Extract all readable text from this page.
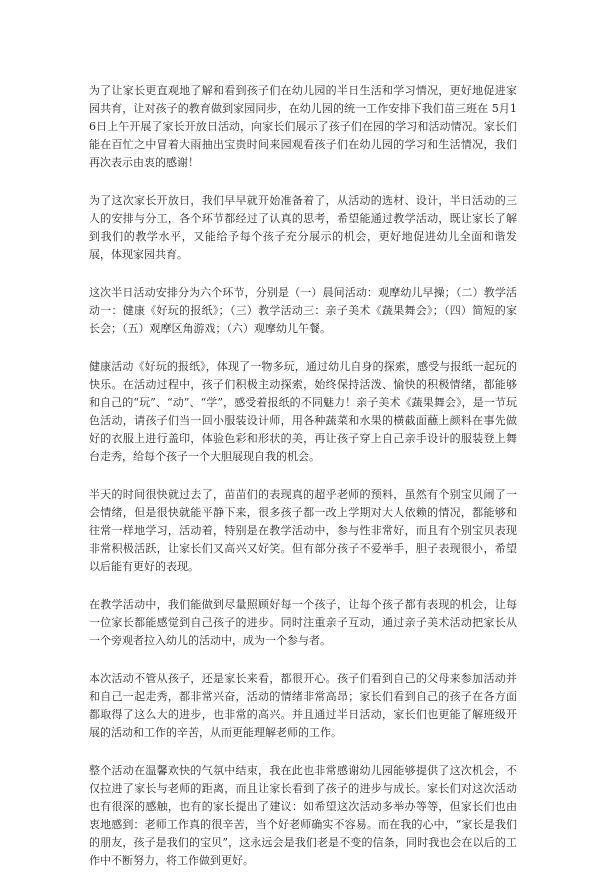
为了让家长更直观地了解和看到孩子们在幼儿园的半日生活和学习情况，更好地促进家园共育，让对孩子的教育做到家园同步，在幼儿园的统一工作安排下我们苗三班在 5月16日上午开展了家长开放日活动，向家长们展示了孩子们在园的学习和活动情况。家长们能在百忙之中冒着大雨抽出宝贵时间来园观看孩子们在幼儿园的学习和生活情况，我们再次表示由衷的感谢！

为了这次家长开放日，我们早早就开始准备着了，从活动的选材、设计，半日活动的三人的安排与分工，各个环节都经过了认真的思考，希望能通过教学活动，既让家长了解到我们的教学水平，又能给予每个孩子充分展示的机会，更好地促进幼儿全面和谐发展，体现家园共育。

这次半日活动安排分为六个环节，分别是（一）晨间活动：观摩幼儿早操；（二）教学活动一：健康《好玩的报纸》；（三）教学活动三：亲子美术《蔬果舞会》；（四）简短的家长会；（五）观摩区角游戏；（六）观摩幼儿午餐。

健康活动《好玩的报纸》，体现了一物多玩，通过幼儿自身的探索，感受与报纸一起玩的快乐。在活动过程中，孩子们积极主动探索，始终保持活泼、愉快的积极情绪，都能够和自己的“玩”、“动”、“学”，感受着报纸的不同魅力！亲子美术《蔬果舞会》，是一节玩色活动，请孩子们当一回小服装设计师，用各种蔬菜和水果的横截面蘸上颜料在事先做好的衣服上进行盖印，体验色彩和形状的美，再让孩子穿上自己亲手设计的服装登上舞台走秀，给每个孩子一个大胆展现自我的机会。

半天的时间很快就过去了，苗苗们的表现真的超乎老师的预料，虽然有个别宝贝闹了一会情绪，但是很快就能平静下来，很多孩子都一改上学期对大人依赖的情况，都能够和往常一样地学习，活动着，特别是在教学活动中，参与性非常好，而且有个别宝贝表现非常积极活跃，让家长们又高兴又好笑。但有部分孩子不爱举手，胆子表现很小，希望以后能有更好的表现。

在教学活动中，我们能做到尽量照顾好每一个孩子，让每个孩子都有表现的机会，让每一位家长都能感觉到自己孩子的进步。同时注重亲子互动，通过亲子美术活动把家长从一个旁观者拉入幼儿的活动中，成为一个参与者。

本次活动不管从孩子，还是家长来看，都很开心。孩子们看到自己的父母来参加活动并和自己一起走秀，都非常兴奋，活动的情绪非常高昂；家长们看到自己的孩子在各方面都取得了这么大的进步，也非常的高兴。并且通过半日活动，家长们也更能了解班级开展的活动和工作的辛苦，从而更能理解老师的工作。

整个活动在温馨欢快的气氛中结束，我在此也非常感谢幼儿园能够提供了这次机会，不仅拉进了家长与老师的距离，而且让家长看到了孩子的进步与成长。家长们对这次活动也有很深的感触，也有的家长提出了建议：如希望这次活动多举办等等，但家长们也由衷地感到：老师工作真的很辛苦，当个好老师确实不容易。而在我的心中，“家长是我们的朋友，孩子是我们的宝贝”，这永远会是我们老是不变的信条，同时我也会在以后的工作中不断努力，将工作做到更好。
